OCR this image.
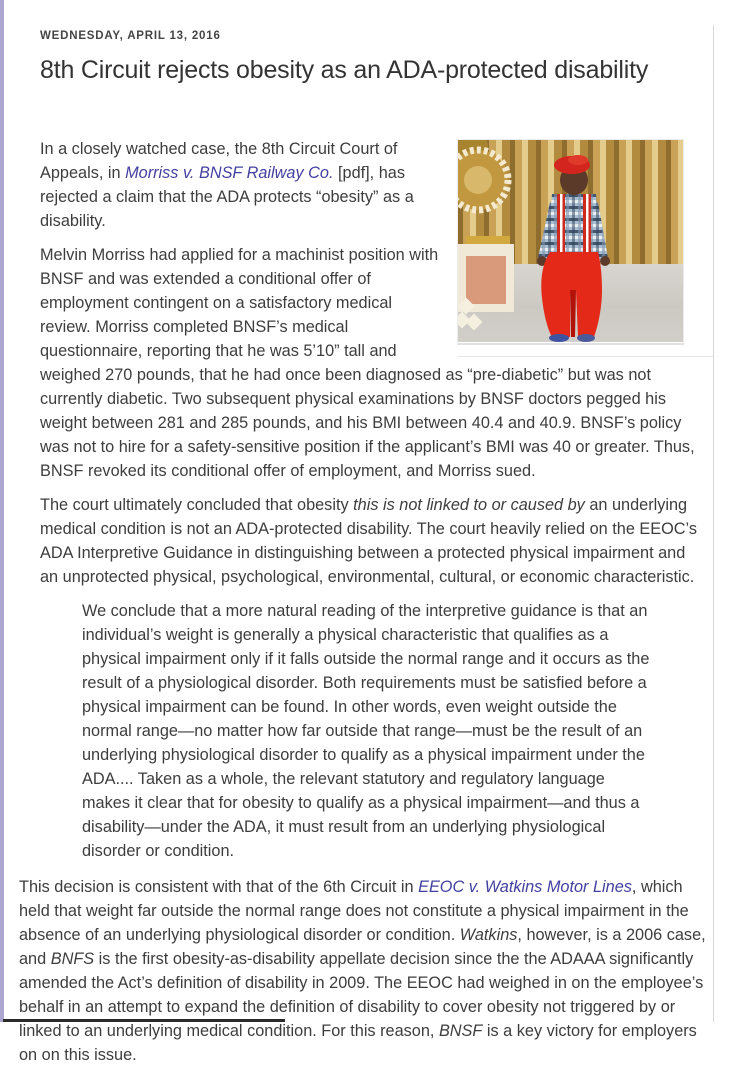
WEDNESDAY, APRIL 13, 2016
8th Circuit rejects obesity as an ADA-protected disability

In a closely watched case, the 8th Circuit Court of Appeals, in Morriss v. BNSF Railway Co. [pdf], has rejected a claim that the ADA protects “obesity” as a disability.

Melvin Morriss had applied for a machinist position with BNSF and was extended a conditional offer of employment contingent on a satisfactory medical review. Morriss completed BNSF’s medical questionnaire, reporting that he was 5’10” tall and weighed 270 pounds, that he had once been diagnosed as “pre-diabetic” but was not currently diabetic. Two subsequent physical examinations by BNSF doctors pegged his weight between 281 and 285 pounds, and his BMI between 40.4 and 40.9. BNSF’s policy was not to hire for a safety-sensitive position if the applicant’s BMI was 40 or greater. Thus, BNSF revoked its conditional offer of employment, and Morriss sued.

The court ultimately concluded that obesity this is not linked to or caused by an underlying medical condition is not an ADA-protected disability. The court heavily relied on the EEOC’s ADA Interpretive Guidance in distinguishing between a protected physical impairment and an unprotected physical, psychological, environmental, cultural, or economic characteristic.

We conclude that a more natural reading of the interpretive guidance is that an individual’s weight is generally a physical characteristic that qualifies as a physical impairment only if it falls outside the normal range and it occurs as the result of a physiological disorder. Both requirements must be satisfied before a physical impairment can be found. In other words, even weight outside the normal range—no matter how far outside that range—must be the result of an underlying physiological disorder to qualify as a physical impairment under the ADA.... Taken as a whole, the relevant statutory and regulatory language makes it clear that for obesity to qualify as a physical impairment—and thus a disability—under the ADA, it must result from an underlying physiological disorder or condition.

This decision is consistent with that of the 6th Circuit in EEOC v. Watkins Motor Lines, which held that weight far outside the normal range does not constitute a physical impairment in the absence of an underlying physiological disorder or condition. Watkins, however, is a 2006 case, and BNFS is the first obesity-as-disability appellate decision since the the ADAAA significantly amended the Act’s definition of disability in 2009. The EEOC had weighed in on the employee’s behalf in an attempt to expand the definition of disability to cover obesity not triggered by or linked to an underlying medical condition. For this reason, BNSF is a key victory for employers on on this issue.
